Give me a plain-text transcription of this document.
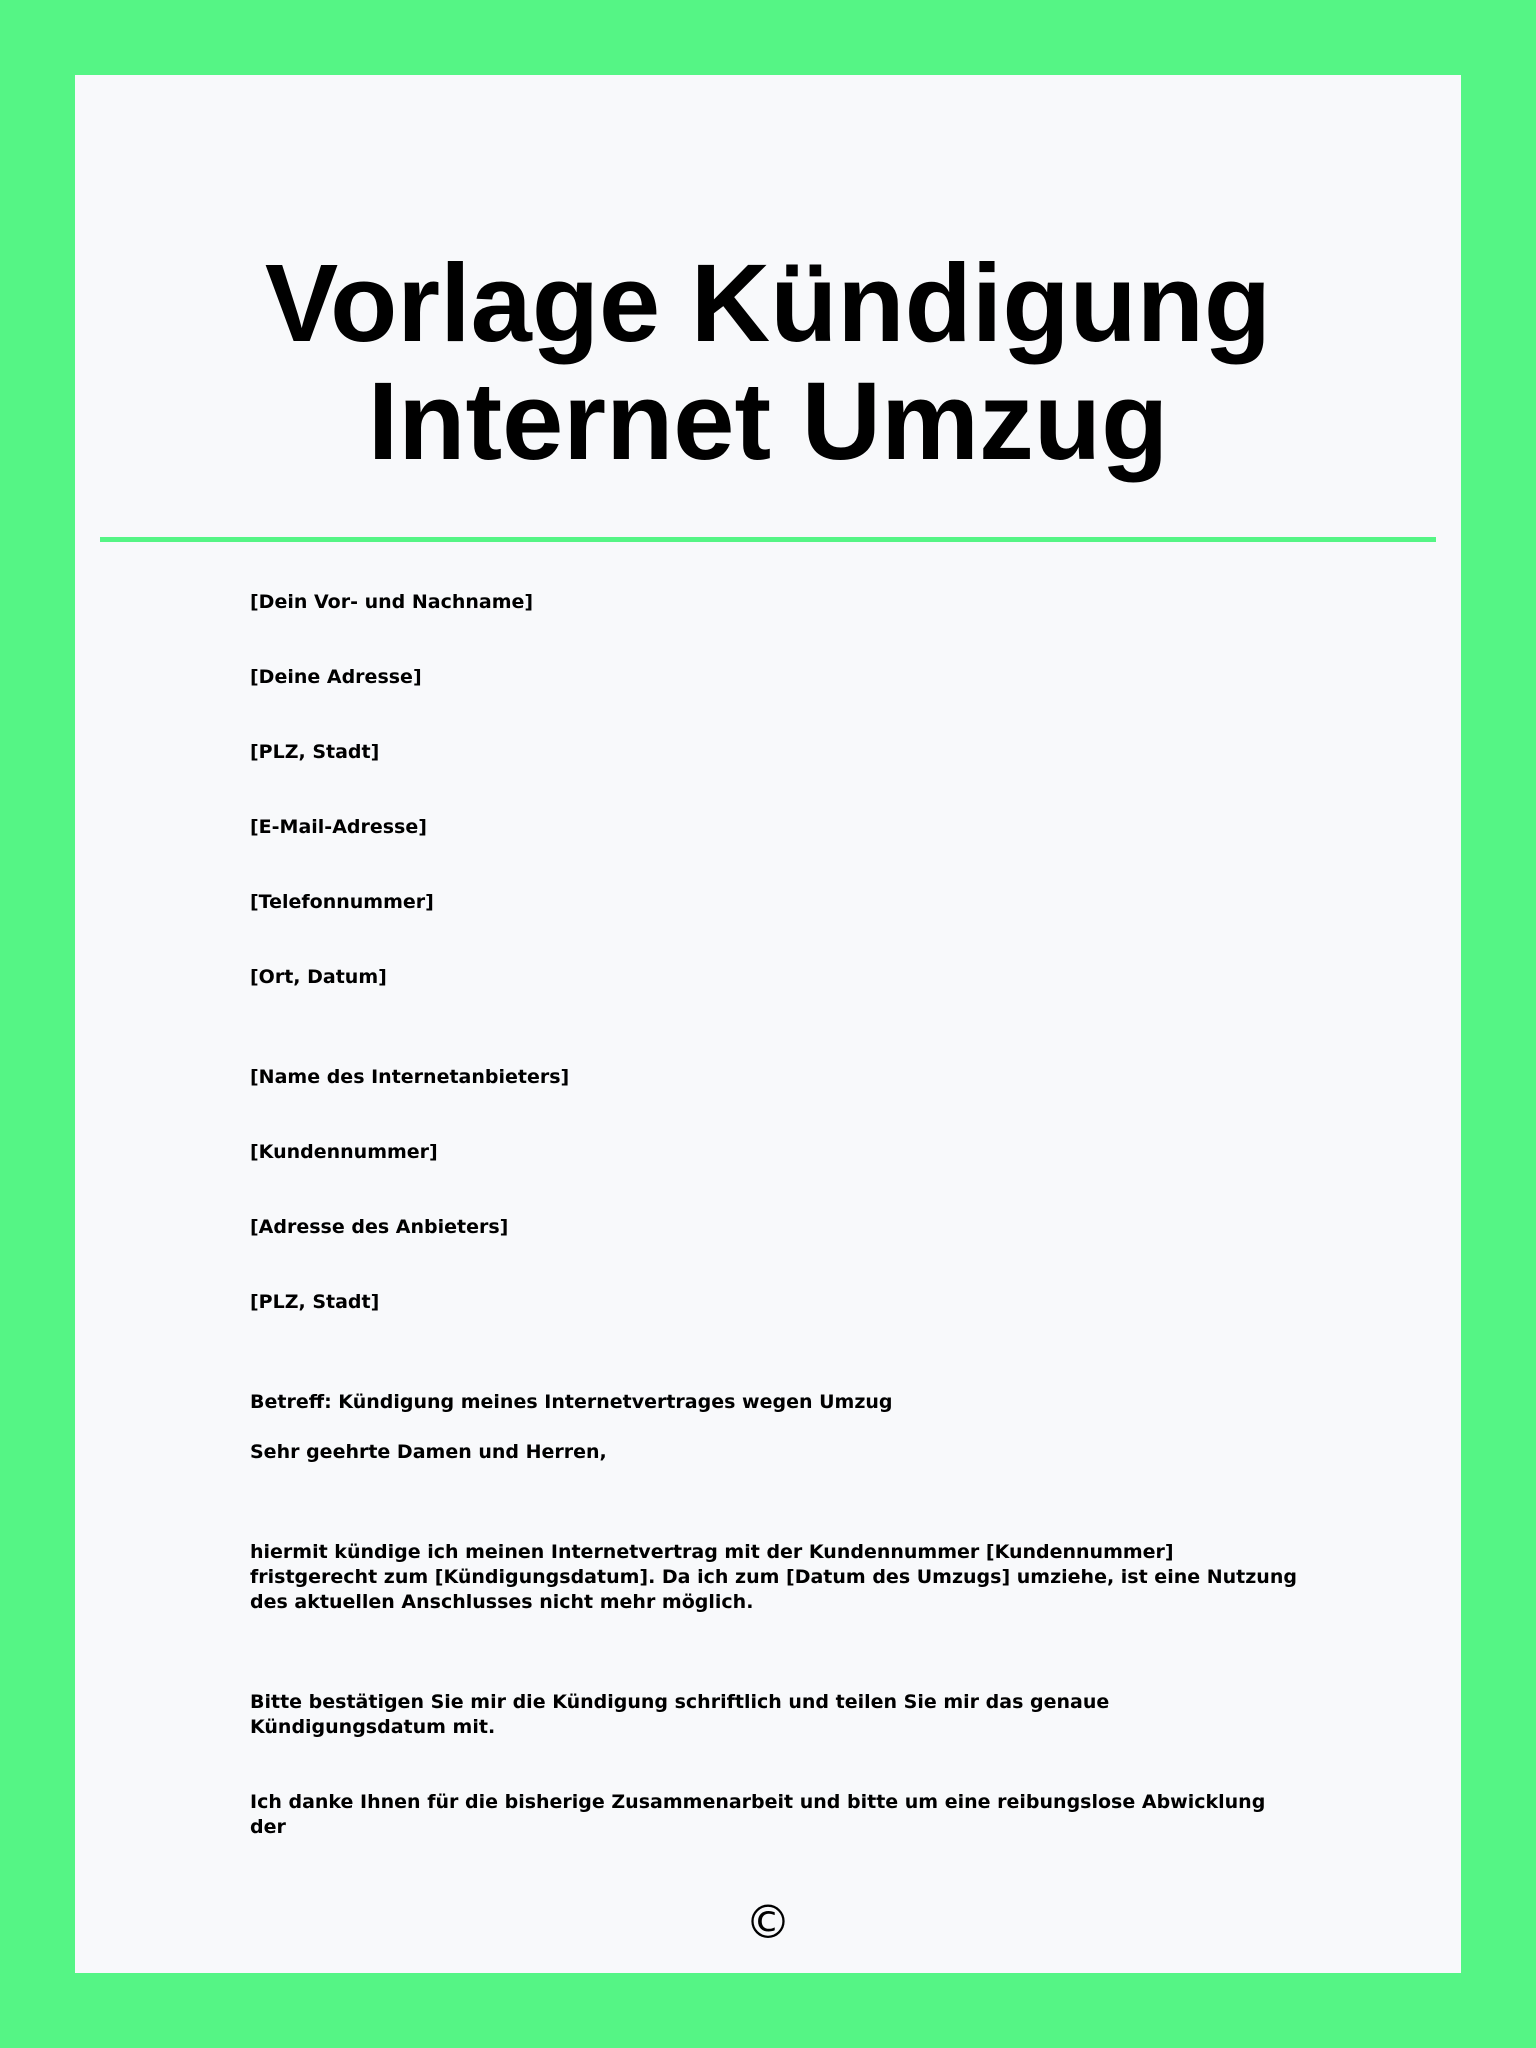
Vorlage Kündigung Internet Umzug

[Dein Vor- und Nachname]

[Deine Adresse]

[PLZ, Stadt]

[E-Mail-Adresse]

[Telefonnummer]

[Ort, Datum]

[Name des Internetanbieters]

[Kundennummer]

[Adresse des Anbieters]

[PLZ, Stadt]

Betreff: Kündigung meines Internetvertrages wegen Umzug

Sehr geehrte Damen und Herren,

hiermit kündige ich meinen Internetvertrag mit der Kundennummer [Kundennummer] fristgerecht zum [Kündigungsdatum]. Da ich zum [Datum des Umzugs] umziehe, ist eine Nutzung des aktuellen Anschlusses nicht mehr möglich.

Bitte bestätigen Sie mir die Kündigung schriftlich und teilen Sie mir das genaue Kündigungsdatum mit.

Ich danke Ihnen für die bisherige Zusammenarbeit und bitte um eine reibungslose Abwicklung der

©
